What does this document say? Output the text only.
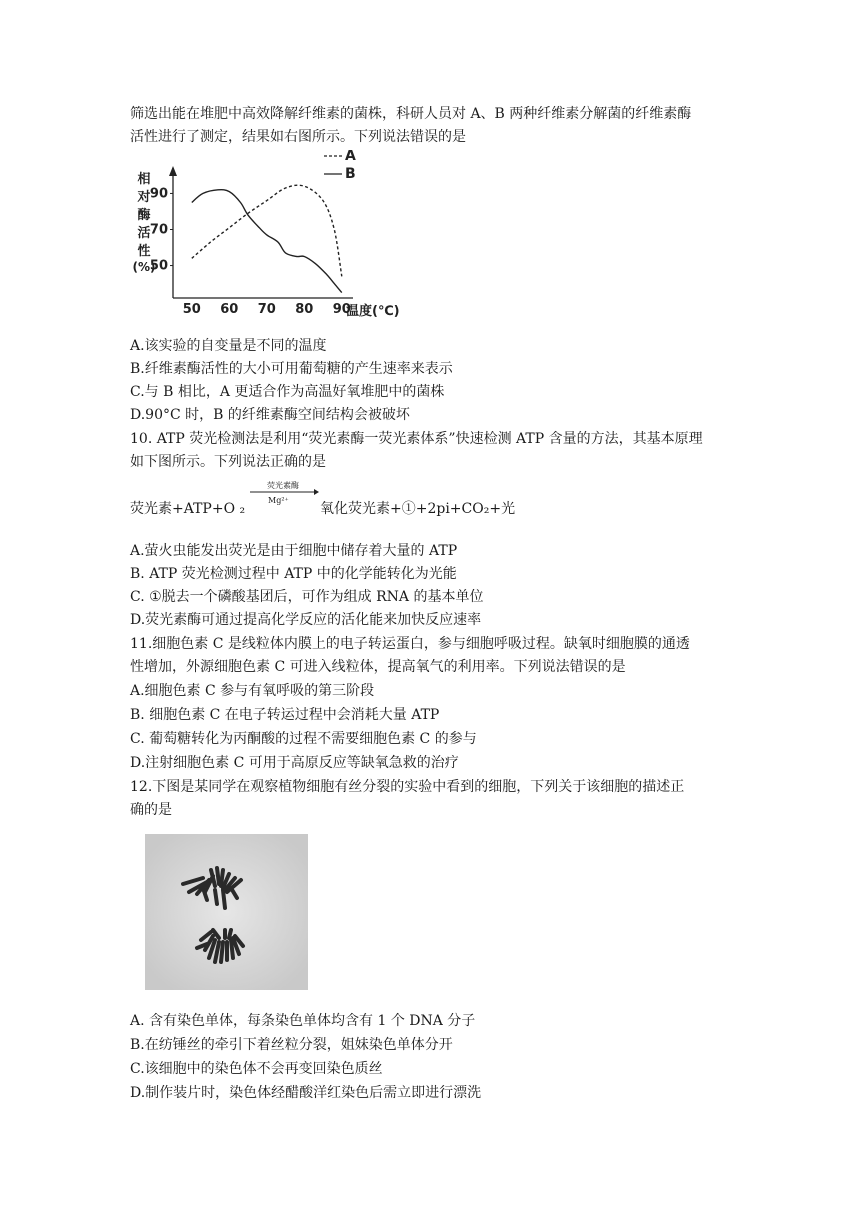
筛选出能在堆肥中高效降解纤维素的菌株，科研人员对 A、B 两种纤维素分解菌的纤维素酶
活性进行了测定，结果如右图所示。下列说法错误的是
相
对
酶
活
性
(%)
50 60 70 80 90
50
70
90
A
B
温度(℃)
A.该实验的自变量是不同的温度
B.纤维素酶活性的大小可用葡萄糖的产生速率来表示
C.与 B 相比，A 更适合作为高温好氧堆肥中的菌株
D.90°C 时，B 的纤维素酶空间结构会被破坏
10. ATP 荧光检测法是利用“荧光素酶一荧光素体系”快速检测 ATP 含量的方法，其基本原理
如下图所示。下列说法正确的是
荧光素酶
Mg²⁺
荧光素+ATP+O ₂	氧化荧光素+①+2pi+CO₂+光
A.萤火虫能发出荧光是由于细胞中储存着大量的 ATP
B. ATP 荧光检测过程中 ATP 中的化学能转化为光能
C. ①脱去一个磷酸基团后，可作为组成 RNA 的基本单位
D.荧光素酶可通过提高化学反应的活化能来加快反应速率
11.细胞色素 C 是线粒体内膜上的电子转运蛋白，参与细胞呼吸过程。缺氧时细胞膜的通透
性增加，外源细胞色素 C 可进入线粒体，提高氧气的利用率。下列说法错误的是
A.细胞色素 C 参与有氧呼吸的第三阶段
B. 细胞色素 C 在电子转运过程中会消耗大量 ATP
C. 葡萄糖转化为丙酮酸的过程不需要细胞色素 C 的参与
D.注射细胞色素 C 可用于高原反应等缺氧急救的治疗
12.下图是某同学在观察植物细胞有丝分裂的实验中看到的细胞，下列关于该细胞的描述正
确的是
A. 含有染色单体，每条染色单体均含有 1 个 DNA 分子
B.在纺锤丝的牵引下着丝粒分裂，姐妹染色单体分开
C.该细胞中的染色体不会再变回染色质丝
D.制作装片时，染色体经醋酸洋红染色后需立即进行漂洗
